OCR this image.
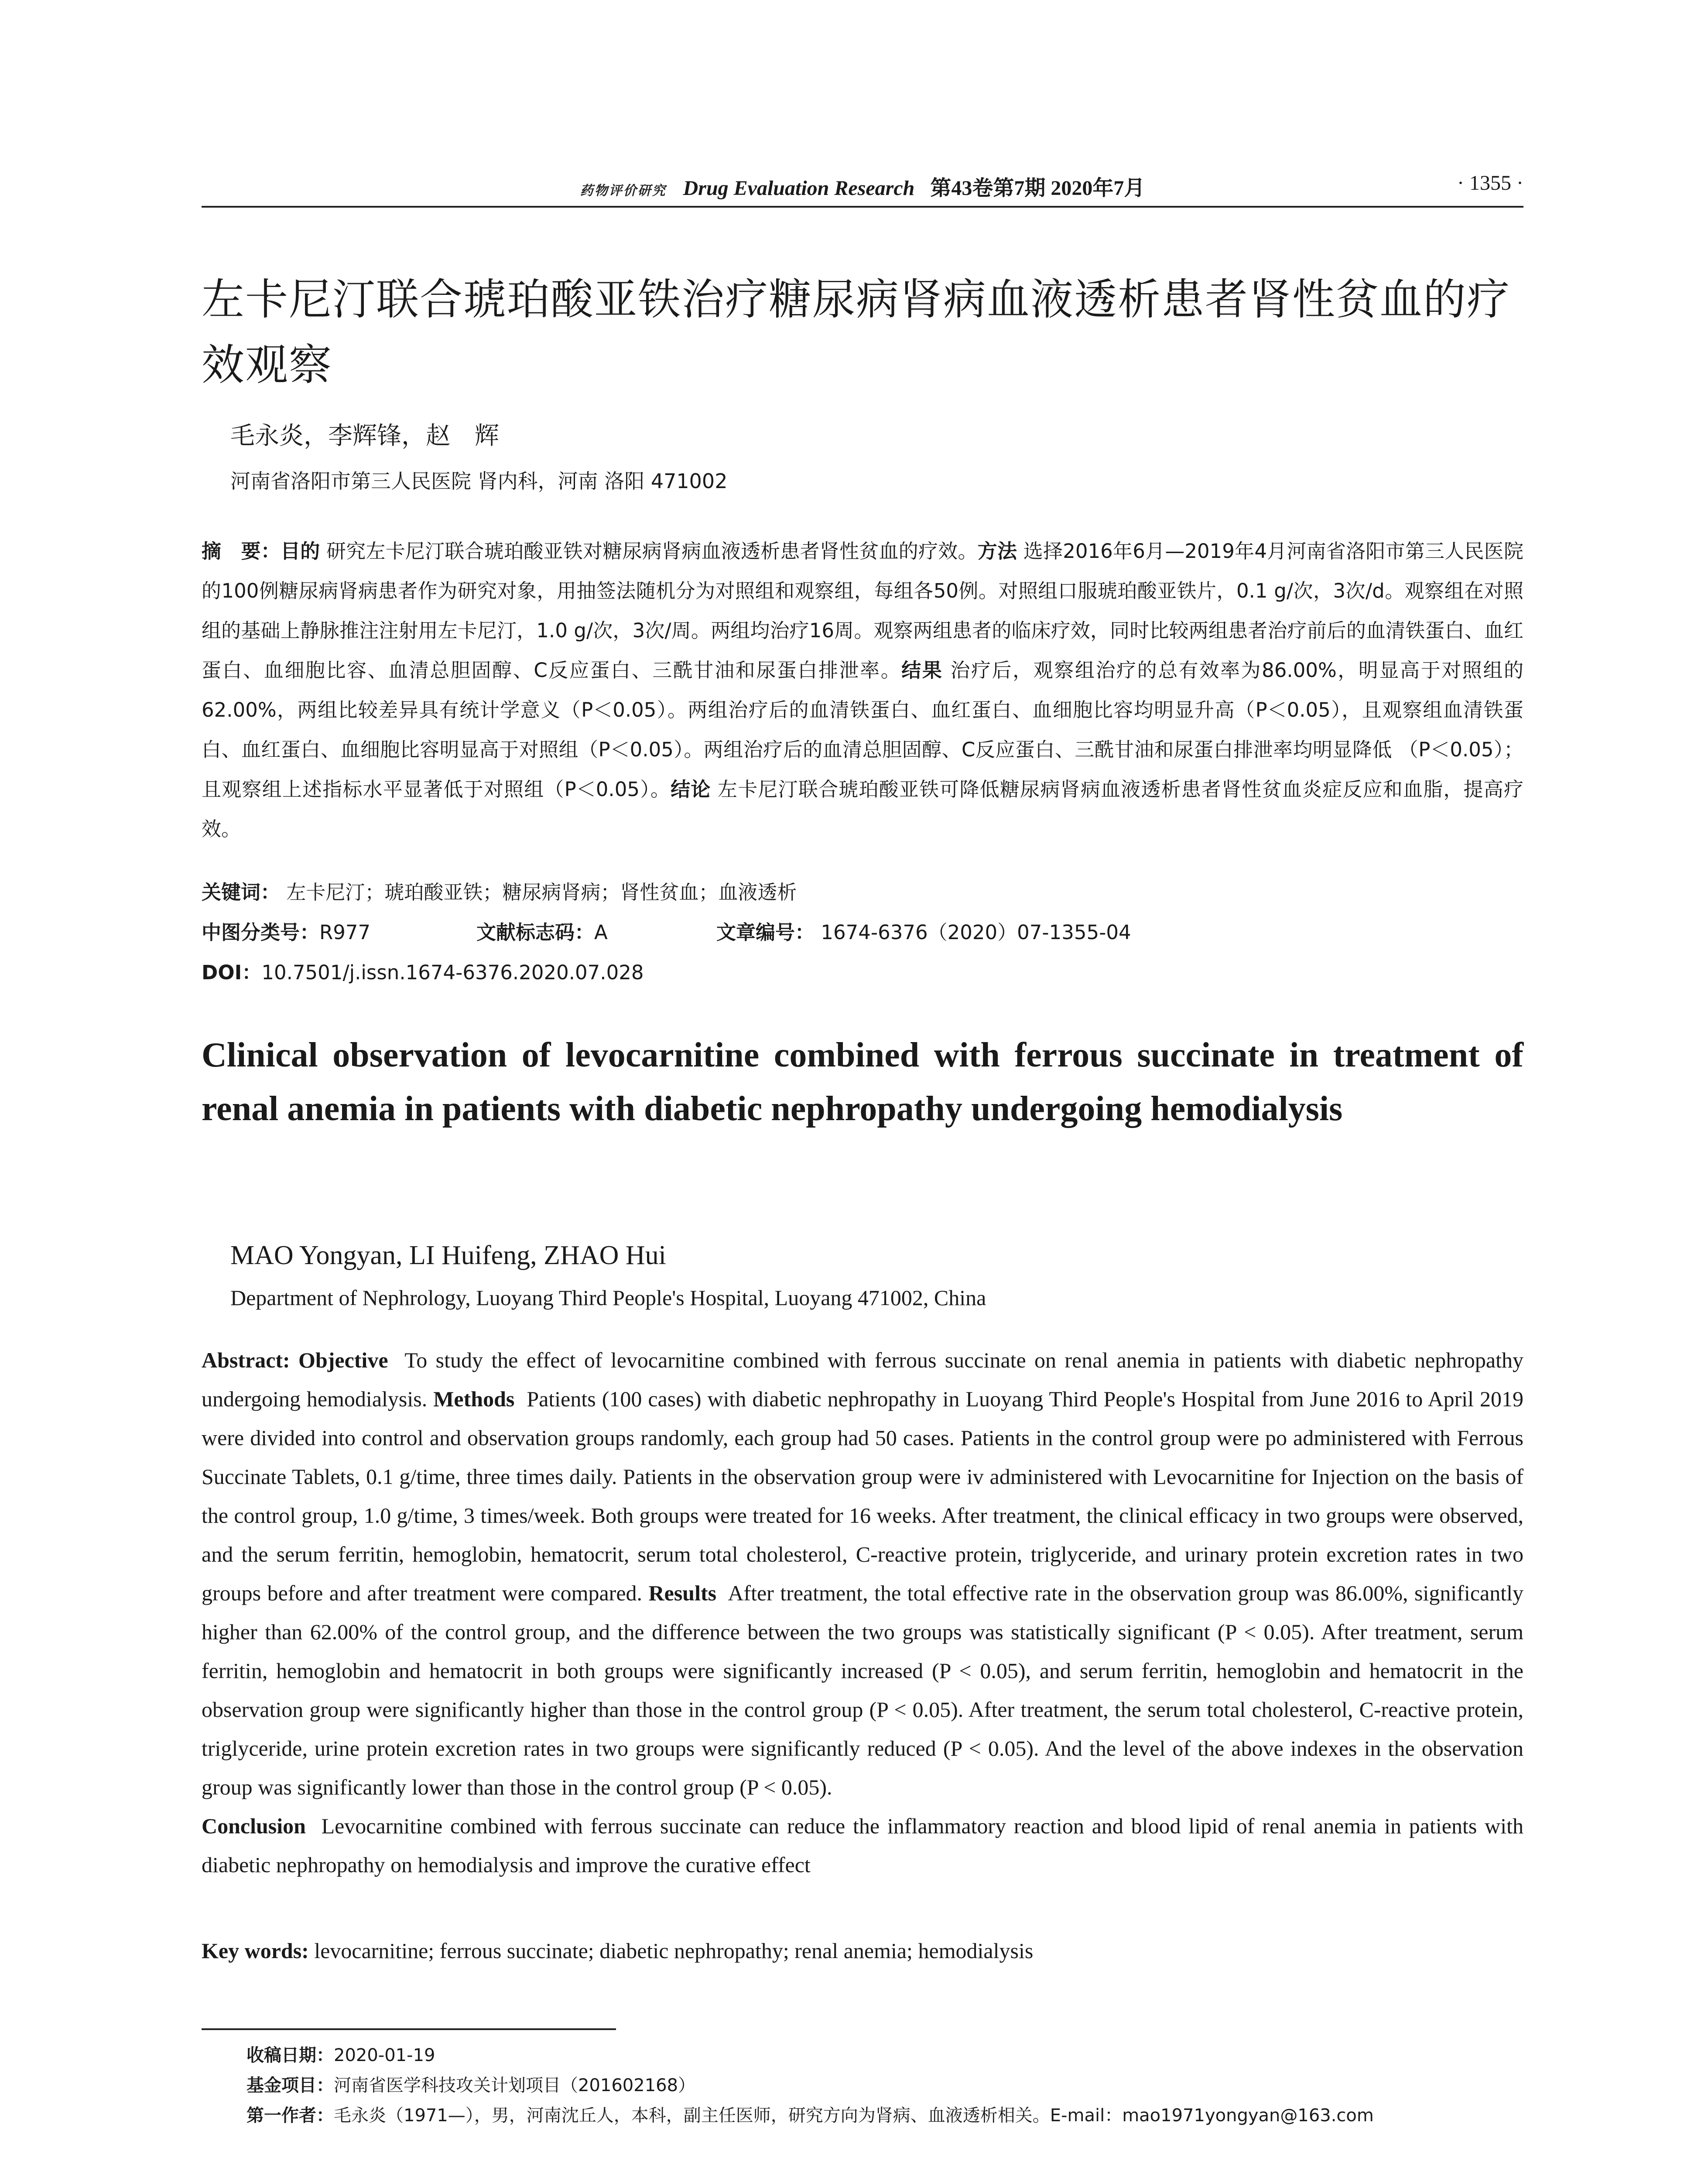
药物评价研究 Drug Evaluation Research 第43卷第7期 2020年7月	· 1355 ·
左卡尼汀联合琥珀酸亚铁治疗糖尿病肾病血液透析患者肾性贫血的疗效观察
毛永炎，李辉锋，赵　辉
河南省洛阳市第三人民医院 肾内科，河南 洛阳 471002
摘　要：目的 研究左卡尼汀联合琥珀酸亚铁对糖尿病肾病血液透析患者肾性贫血的疗效。方法 选择2016年6月—2019年4月河南省洛阳市第三人民医院的100例糖尿病肾病患者作为研究对象，用抽签法随机分为对照组和观察组，每组各50例。对照组口服琥珀酸亚铁片，0.1 g/次，3次/d。观察组在对照组的基础上静脉推注注射用左卡尼汀，1.0 g/次，3次/周。两组均治疗16周。观察两组患者的临床疗效，同时比较两组患者治疗前后的血清铁蛋白、血红蛋白、血细胞比容、血清总胆固醇、C反应蛋白、三酰甘油和尿蛋白排泄率。结果 治疗后，观察组治疗的总有效率为86.00%，明显高于对照组的62.00%，两组比较差异具有统计学意义（P＜0.05）。两组治疗后的血清铁蛋白、血红蛋白、血细胞比容均明显升高（P＜0.05），且观察组血清铁蛋白、血红蛋白、血细胞比容明显高于对照组（P＜0.05）。两组治疗后的血清总胆固醇、C反应蛋白、三酰甘油和尿蛋白排泄率均明显降低 （P＜0.05）；且观察组上述指标水平显著低于对照组（P＜0.05）。结论 左卡尼汀联合琥珀酸亚铁可降低糖尿病肾病血液透析患者肾性贫血炎症反应和血脂，提高疗效。
关键词： 左卡尼汀；琥珀酸亚铁；糖尿病肾病；肾性贫血；血液透析
中图分类号：R977	文献标志码：A	文章编号： 1674-6376（2020）07-1355-04
DOI：10.7501/j.issn.1674-6376.2020.07.028
Clinical observation of levocarnitine combined with ferrous succinate in treatment of renal anemia in patients with diabetic nephropathy undergoing hemodialysis
MAO Yongyan, LI Huifeng, ZHAO Hui
Department of Nephrology, Luoyang Third People's Hospital, Luoyang 471002, China
Abstract: Objective To study the effect of levocarnitine combined with ferrous succinate on renal anemia in patients with diabetic nephropathy undergoing hemodialysis. Methods Patients (100 cases) with diabetic nephropathy in Luoyang Third People's Hospital from June 2016 to April 2019 were divided into control and observation groups randomly, each group had 50 cases. Patients in the control group were po administered with Ferrous Succinate Tablets, 0.1 g/time, three times daily. Patients in the observation group were iv administered with Levocarnitine for Injection on the basis of the control group, 1.0 g/time, 3 times/week. Both groups were treated for 16 weeks. After treatment, the clinical efficacy in two groups were observed, and the serum ferritin, hemoglobin, hematocrit, serum total cholesterol, C-reactive protein, triglyceride, and urinary protein excretion rates in two groups before and after treatment were compared. Results After treatment, the total effective rate in the observation group was 86.00%, significantly higher than 62.00% of the control group, and the difference between the two groups was statistically significant (P < 0.05). After treatment, serum ferritin, hemoglobin and hematocrit in both groups were significantly increased (P < 0.05), and serum ferritin, hemoglobin and hematocrit in the observation group were significantly higher than those in the control group (P < 0.05). After treatment, the serum total cholesterol, C-reactive protein, triglyceride, urine protein excretion rates in two groups were significantly reduced (P < 0.05). And the level of the above indexes in the observation group was significantly lower than those in the control group (P < 0.05).
Conclusion Levocarnitine combined with ferrous succinate can reduce the inflammatory reaction and blood lipid of renal anemia in patients with diabetic nephropathy on hemodialysis and improve the curative effect
Key words: levocarnitine; ferrous succinate; diabetic nephropathy; renal anemia; hemodialysis
收稿日期：2020-01-19
基金项目：河南省医学科技攻关计划项目（201602168）
第一作者：毛永炎（1971—），男，河南沈丘人，本科，副主任医师，研究方向为肾病、血液透析相关。E-mail：mao1971yongyan@163.com
